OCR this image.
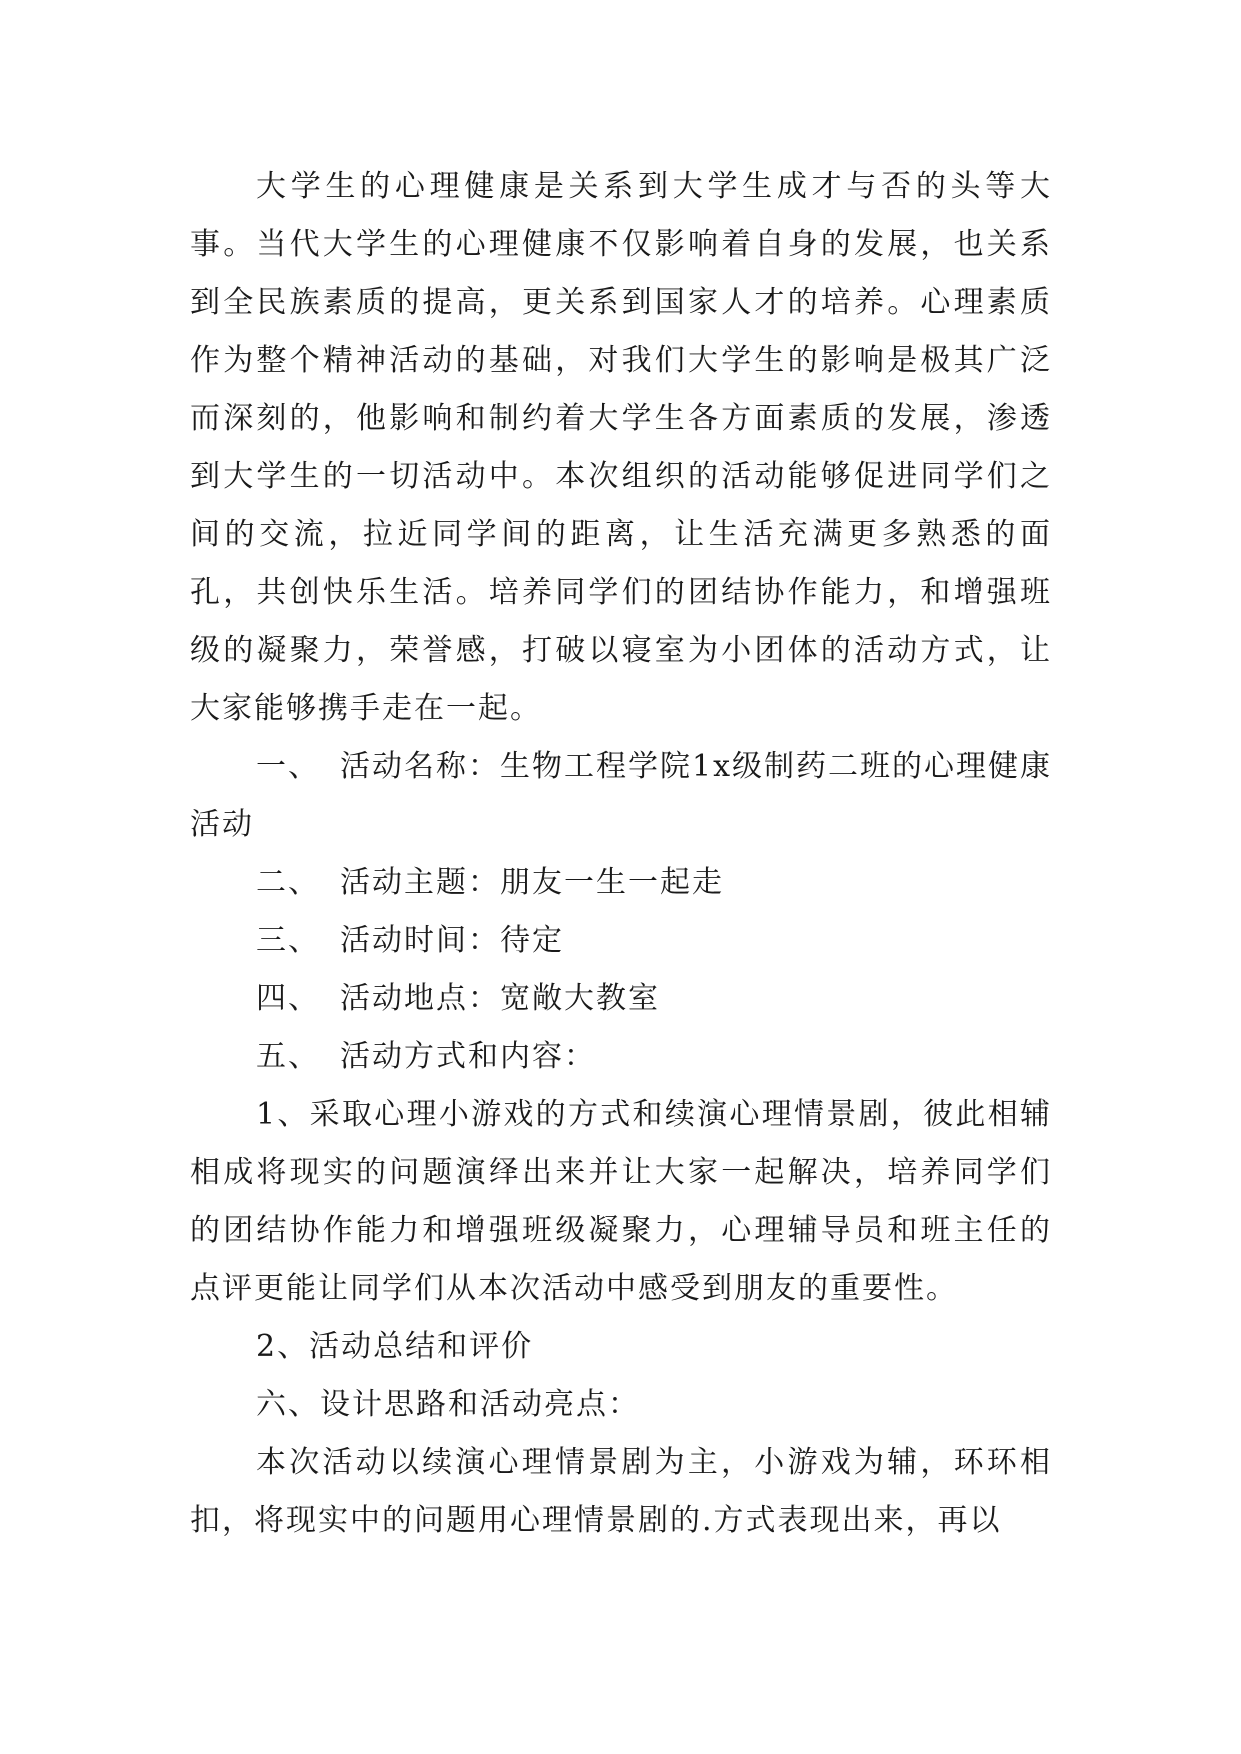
大学生的心理健康是关系到大学生成才与否的头等大事。当代大学生的心理健康不仅影响着自身的发展，也关系到全民族素质的提高，更关系到国家人才的培养。心理素质作为整个精神活动的基础，对我们大学生的影响是极其广泛而深刻的，他影响和制约着大学生各方面素质的发展，渗透到大学生的一切活动中。本次组织的活动能够促进同学们之间的交流，拉近同学间的距离，让生活充满更多熟悉的面孔，共创快乐生活。培养同学们的团结协作能力，和增强班级的凝聚力，荣誉感，打破以寝室为小团体的活动方式，让大家能够携手走在一起。

一、 活动名称：生物工程学院1x级制药二班的心理健康活动

二、 活动主题：朋友一生一起走

三、 活动时间：待定

四、 活动地点：宽敞大教室

五、 活动方式和内容：

1、采取心理小游戏的方式和续演心理情景剧，彼此相辅相成将现实的问题演绎出来并让大家一起解决，培养同学们的团结协作能力和增强班级凝聚力，心理辅导员和班主任的点评更能让同学们从本次活动中感受到朋友的重要性。

2、活动总结和评价

六、设计思路和活动亮点：

本次活动以续演心理情景剧为主，小游戏为辅，环环相扣，将现实中的问题用心理情景剧的.方式表现出来，再以
